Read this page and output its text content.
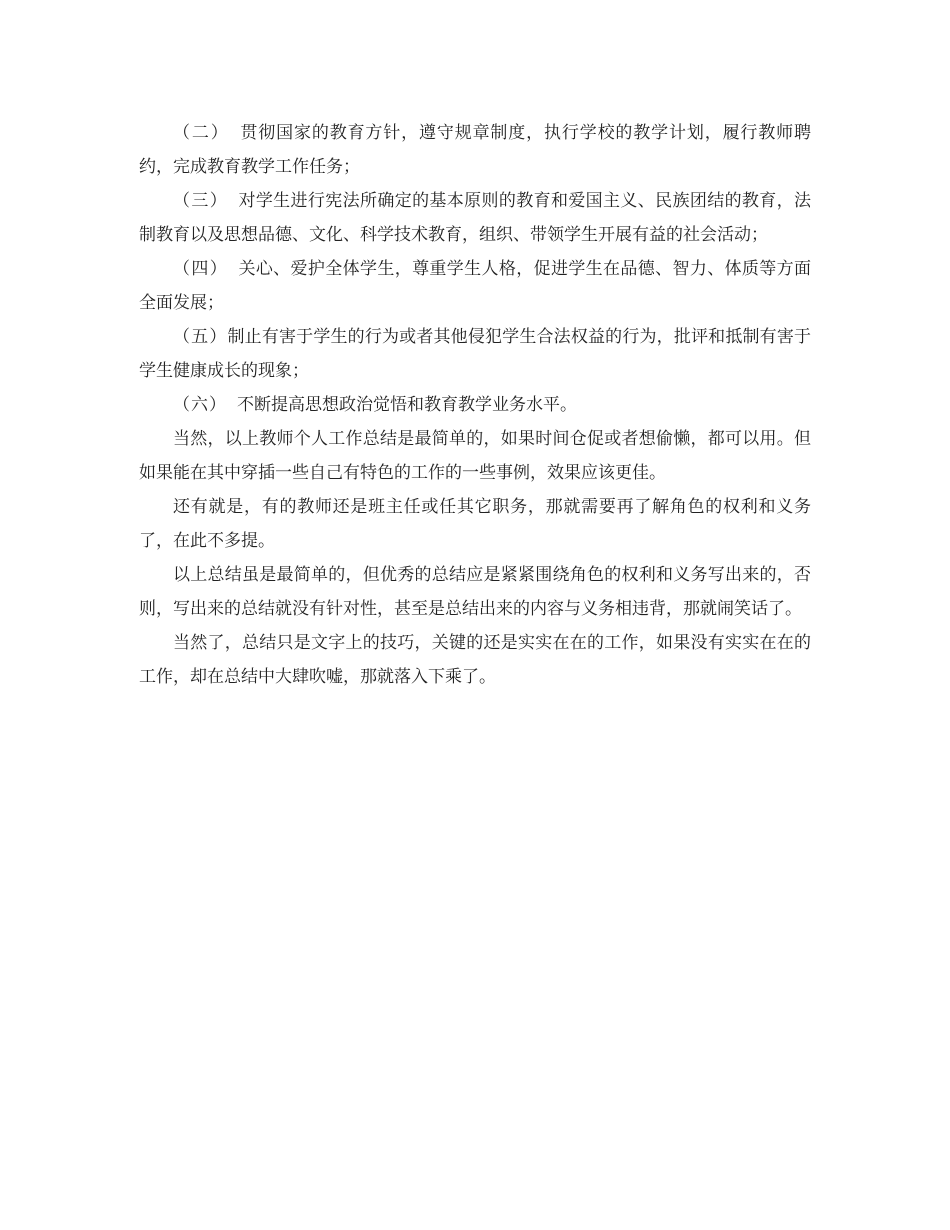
（二） 贯彻国家的教育方针，遵守规章制度，执行学校的教学计划，履行教师聘约，完成教育教学工作任务；

（三） 对学生进行宪法所确定的基本原则的教育和爱国主义、民族团结的教育，法制教育以及思想品德、文化、科学技术教育，组织、带领学生开展有益的社会活动；

（四） 关心、爱护全体学生，尊重学生人格，促进学生在品德、智力、体质等方面全面发展；

（五）制止有害于学生的行为或者其他侵犯学生合法权益的行为，批评和抵制有害于学生健康成长的现象；

（六） 不断提高思想政治觉悟和教育教学业务水平。

当然，以上教师个人工作总结是最简单的，如果时间仓促或者想偷懒，都可以用。但如果能在其中穿插一些自己有特色的工作的一些事例，效果应该更佳。

还有就是，有的教师还是班主任或任其它职务，那就需要再了解角色的权利和义务了，在此不多提。

以上总结虽是最简单的，但优秀的总结应是紧紧围绕角色的权利和义务写出来的，否则，写出来的总结就没有针对性，甚至是总结出来的内容与义务相违背，那就闹笑话了。

当然了，总结只是文字上的技巧，关键的还是实实在在的工作，如果没有实实在在的工作，却在总结中大肆吹嘘，那就落入下乘了。
